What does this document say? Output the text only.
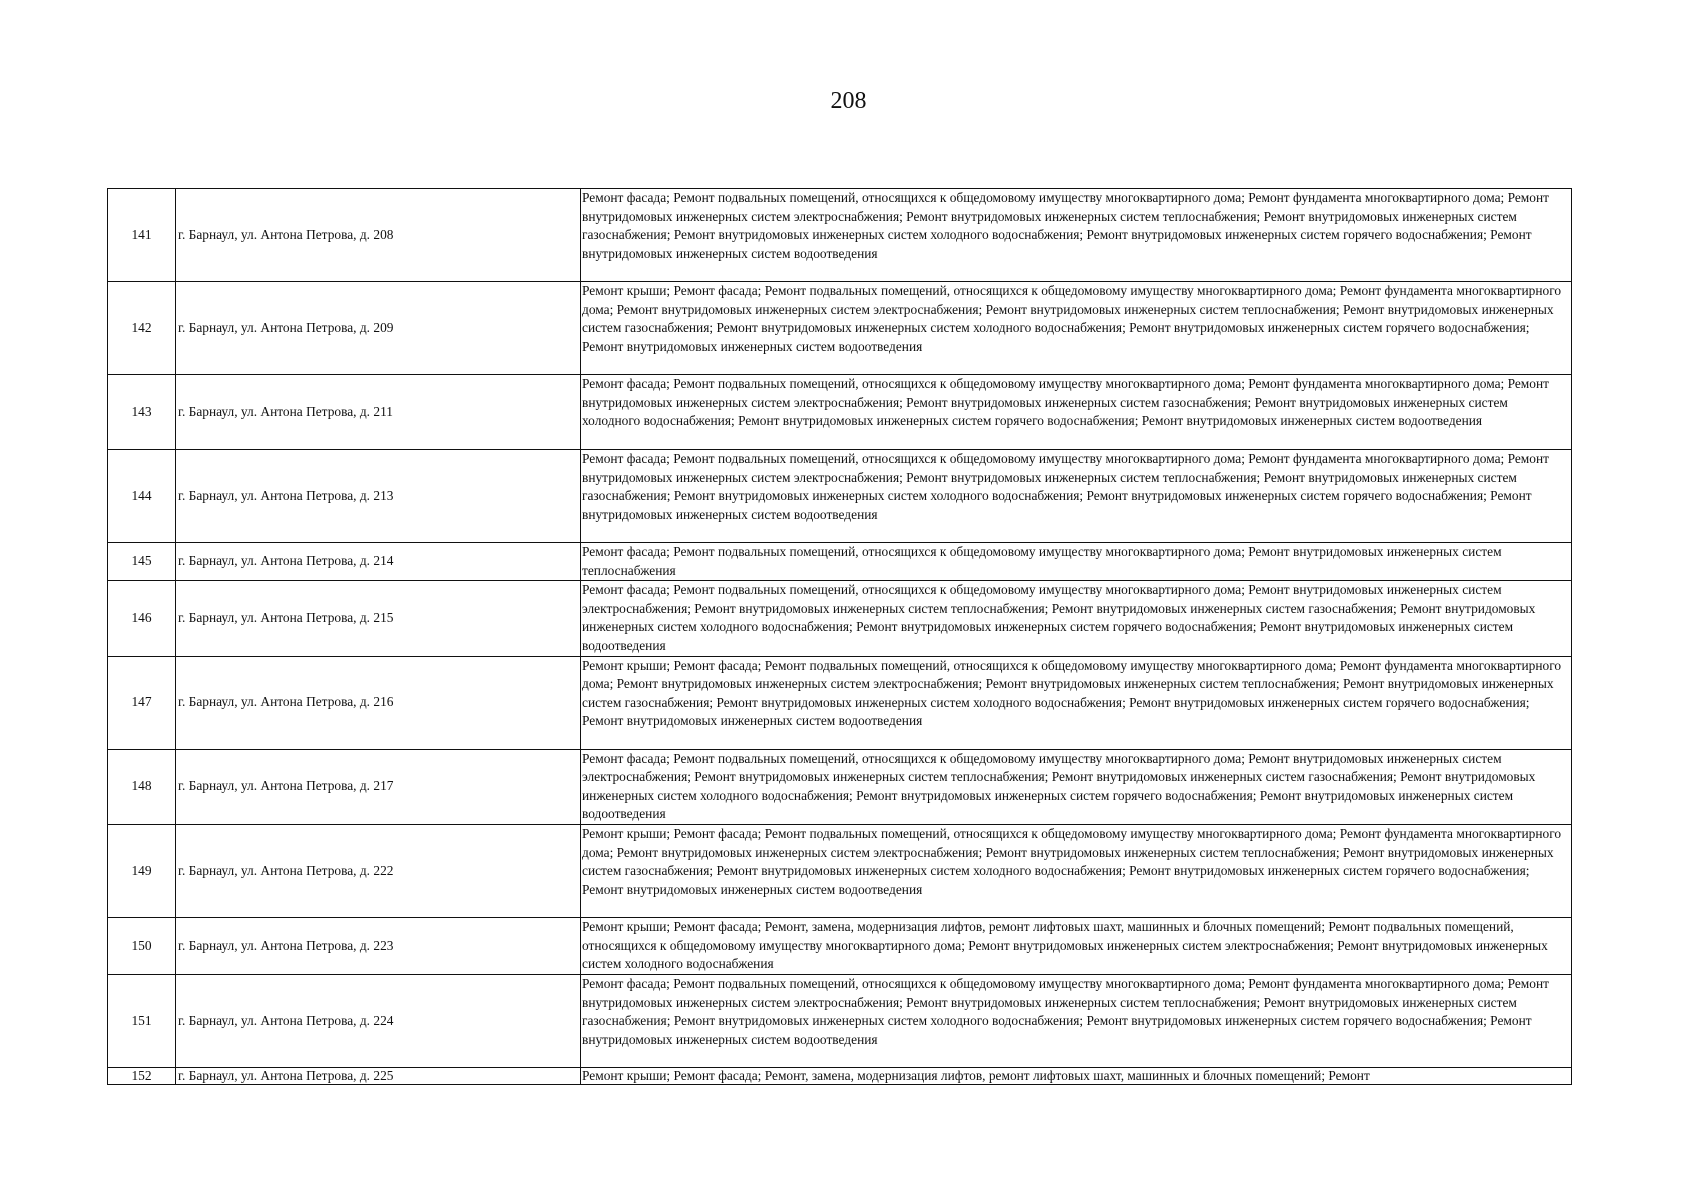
208
141	г. Барнаул, ул. Антона Петрова, д. 208	Ремонт фасада; Ремонт подвальных помещений, относящихся к общедомовому имуществу многоквартирного дома; Ремонт фундамента многоквартирного дома; Ремонт внутридомовых инженерных систем электроснабжения; Ремонт внутридомовых инженерных систем теплоснабжения; Ремонт внутридомовых инженерных систем газоснабжения; Ремонт внутридомовых инженерных систем холодного водоснабжения; Ремонт внутридомовых инженерных систем горячего водоснабжения; Ремонт внутридомовых инженерных систем водоотведения
142	г. Барнаул, ул. Антона Петрова, д. 209	Ремонт крыши; Ремонт фасада; Ремонт подвальных помещений, относящихся к общедомовому имуществу многоквартирного дома; Ремонт фундамента многоквартирного дома; Ремонт внутридомовых инженерных систем электроснабжения; Ремонт внутридомовых инженерных систем теплоснабжения; Ремонт внутридомовых инженерных систем газоснабжения; Ремонт внутридомовых инженерных систем холодного водоснабжения; Ремонт внутридомовых инженерных систем горячего водоснабжения; Ремонт внутридомовых инженерных систем водоотведения
143	г. Барнаул, ул. Антона Петрова, д. 211	Ремонт фасада; Ремонт подвальных помещений, относящихся к общедомовому имуществу многоквартирного дома; Ремонт фундамента многоквартирного дома; Ремонт внутридомовых инженерных систем электроснабжения; Ремонт внутридомовых инженерных систем газоснабжения; Ремонт внутридомовых инженерных систем холодного водоснабжения; Ремонт внутридомовых инженерных систем горячего водоснабжения; Ремонт внутридомовых инженерных систем водоотведения
144	г. Барнаул, ул. Антона Петрова, д. 213	Ремонт фасада; Ремонт подвальных помещений, относящихся к общедомовому имуществу многоквартирного дома; Ремонт фундамента многоквартирного дома; Ремонт внутридомовых инженерных систем электроснабжения; Ремонт внутридомовых инженерных систем теплоснабжения; Ремонт внутридомовых инженерных систем газоснабжения; Ремонт внутридомовых инженерных систем холодного водоснабжения; Ремонт внутридомовых инженерных систем горячего водоснабжения; Ремонт внутридомовых инженерных систем водоотведения
145	г. Барнаул, ул. Антона Петрова, д. 214	Ремонт фасада; Ремонт подвальных помещений, относящихся к общедомовому имуществу многоквартирного дома; Ремонт внутридомовых инженерных систем теплоснабжения
146	г. Барнаул, ул. Антона Петрова, д. 215	Ремонт фасада; Ремонт подвальных помещений, относящихся к общедомовому имуществу многоквартирного дома; Ремонт внутридомовых инженерных систем электроснабжения; Ремонт внутридомовых инженерных систем теплоснабжения; Ремонт внутридомовых инженерных систем газоснабжения; Ремонт внутридомовых инженерных систем холодного водоснабжения; Ремонт внутридомовых инженерных систем горячего водоснабжения; Ремонт внутридомовых инженерных систем водоотведения
147	г. Барнаул, ул. Антона Петрова, д. 216	Ремонт крыши; Ремонт фасада; Ремонт подвальных помещений, относящихся к общедомовому имуществу многоквартирного дома; Ремонт фундамента многоквартирного дома; Ремонт внутридомовых инженерных систем электроснабжения; Ремонт внутридомовых инженерных систем теплоснабжения; Ремонт внутридомовых инженерных систем газоснабжения; Ремонт внутридомовых инженерных систем холодного водоснабжения; Ремонт внутридомовых инженерных систем горячего водоснабжения; Ремонт внутридомовых инженерных систем водоотведения
148	г. Барнаул, ул. Антона Петрова, д. 217	Ремонт фасада; Ремонт подвальных помещений, относящихся к общедомовому имуществу многоквартирного дома; Ремонт внутридомовых инженерных систем электроснабжения; Ремонт внутридомовых инженерных систем теплоснабжения; Ремонт внутридомовых инженерных систем газоснабжения; Ремонт внутридомовых инженерных систем холодного водоснабжения; Ремонт внутридомовых инженерных систем горячего водоснабжения; Ремонт внутридомовых инженерных систем водоотведения
149	г. Барнаул, ул. Антона Петрова, д. 222	Ремонт крыши; Ремонт фасада; Ремонт подвальных помещений, относящихся к общедомовому имуществу многоквартирного дома; Ремонт фундамента многоквартирного дома; Ремонт внутридомовых инженерных систем электроснабжения; Ремонт внутридомовых инженерных систем теплоснабжения; Ремонт внутридомовых инженерных систем газоснабжения; Ремонт внутридомовых инженерных систем холодного водоснабжения; Ремонт внутридомовых инженерных систем горячего водоснабжения; Ремонт внутридомовых инженерных систем водоотведения
150	г. Барнаул, ул. Антона Петрова, д. 223	Ремонт крыши; Ремонт фасада; Ремонт, замена, модернизация лифтов, ремонт лифтовых шахт, машинных и блочных помещений; Ремонт подвальных помещений, относящихся к общедомовому имуществу многоквартирного дома; Ремонт внутридомовых инженерных систем электроснабжения; Ремонт внутридомовых инженерных систем холодного водоснабжения
151	г. Барнаул, ул. Антона Петрова, д. 224	Ремонт фасада; Ремонт подвальных помещений, относящихся к общедомовому имуществу многоквартирного дома; Ремонт фундамента многоквартирного дома; Ремонт внутридомовых инженерных систем электроснабжения; Ремонт внутридомовых инженерных систем теплоснабжения; Ремонт внутридомовых инженерных систем газоснабжения; Ремонт внутридомовых инженерных систем холодного водоснабжения; Ремонт внутридомовых инженерных систем горячего водоснабжения; Ремонт внутридомовых инженерных систем водоотведения
152	г. Барнаул, ул. Антона Петрова, д. 225	Ремонт крыши; Ремонт фасада; Ремонт, замена, модернизация лифтов, ремонт лифтовых шахт, машинных и блочных помещений; Ремонт
